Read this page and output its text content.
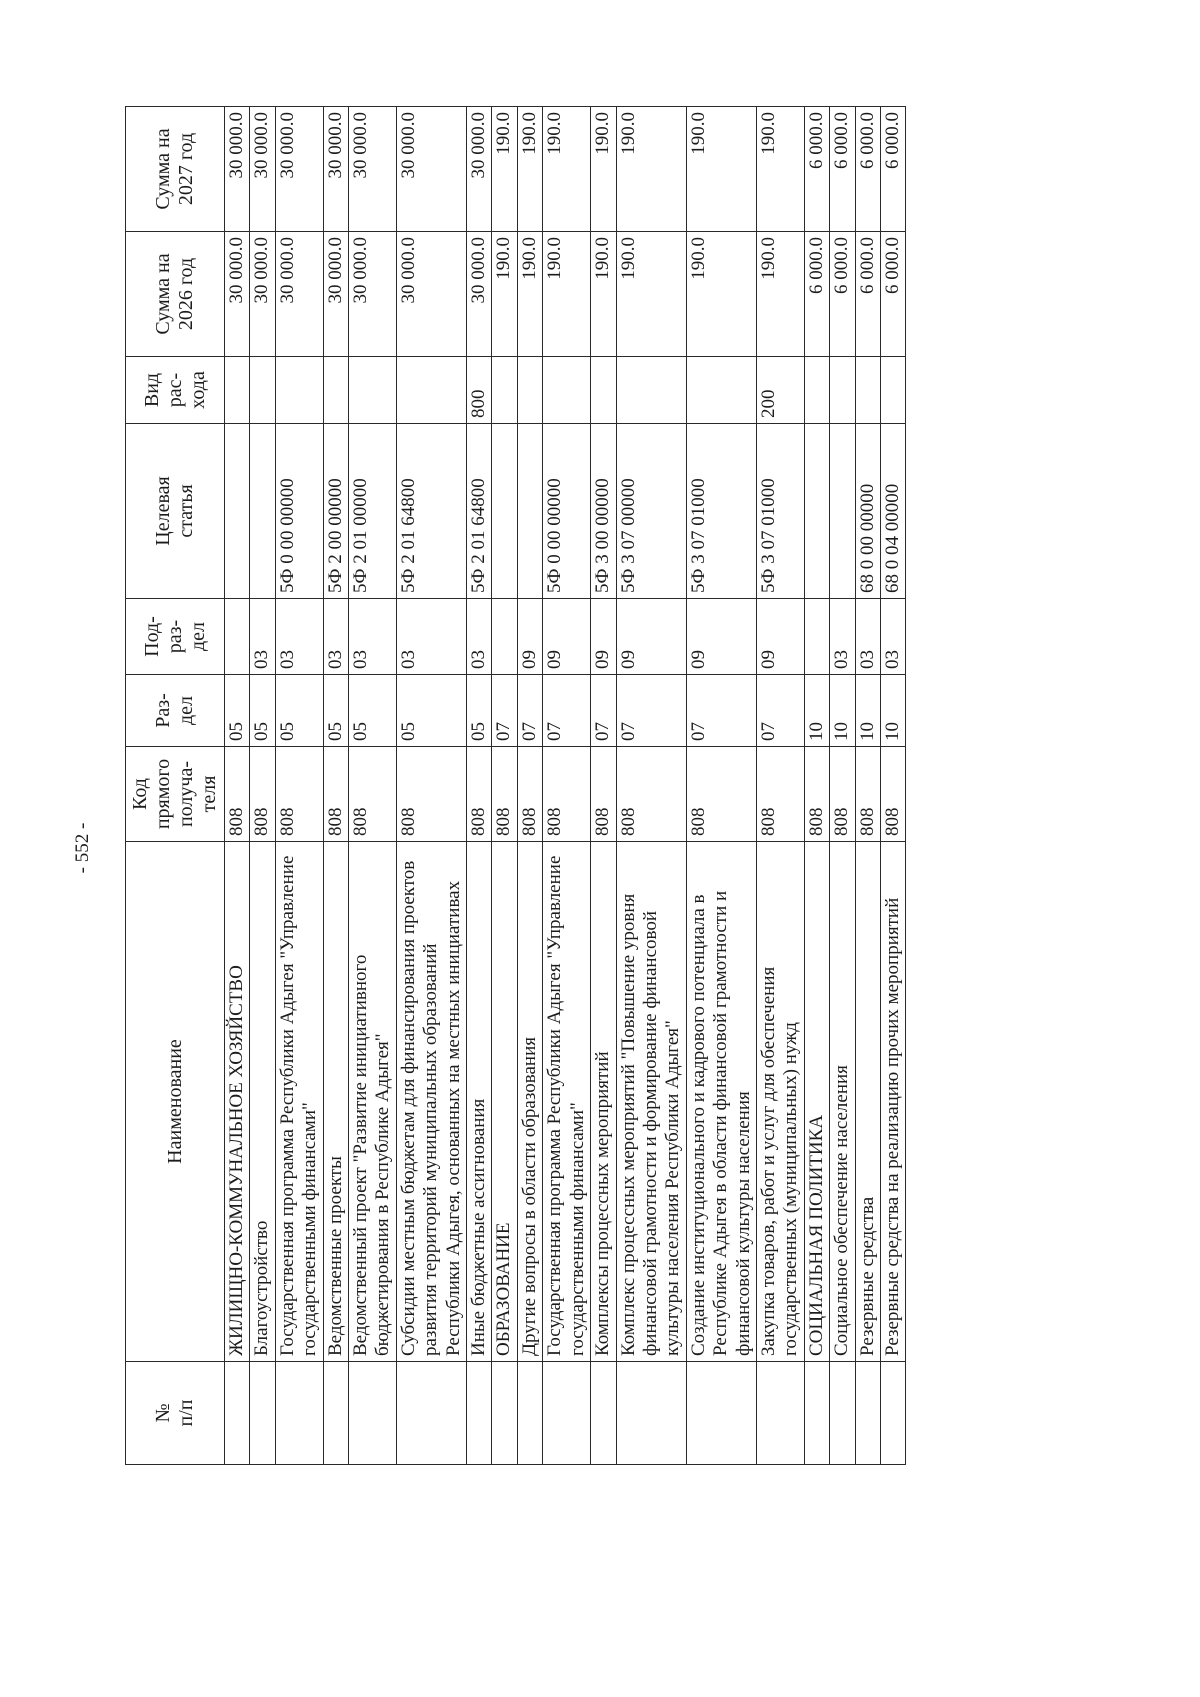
- 552 -
№
п/п	Наименование	Код
прямого
получа-
теля	Раз-
дел	Под-
раз-
дел	Целевая
статья	Вид
рас-
хода	Сумма на
2026 год	Сумма на
2027 год
	ЖИЛИЩНО-КОММУНАЛЬНОЕ ХОЗЯЙСТВО	808	05				30 000.0	30 000.0
	Благоустройство	808	05	03			30 000.0	30 000.0
	Государственная программа Республики Адыгея "Управление государственными финансами"	808	05	03	5Ф 0 00 00000		30 000.0	30 000.0
	Ведомственные проекты	808	05	03	5Ф 2 00 00000		30 000.0	30 000.0
	Ведомственный проект "Развитие инициативного бюджетирования в Республике Адыгея"	808	05	03	5Ф 2 01 00000		30 000.0	30 000.0
	Субсидии местным бюджетам для финансирования проектов развития территорий муниципальных образований Республики Адыгея, основанных на местных инициативах	808	05	03	5Ф 2 01 64800		30 000.0	30 000.0
	Иные бюджетные ассигнования	808	05	03	5Ф 2 01 64800	800	30 000.0	30 000.0
	ОБРАЗОВАНИЕ	808	07				190.0	190.0
	Другие вопросы в области образования	808	07	09			190.0	190.0
	Государственная программа Республики Адыгея "Управление государственными финансами"	808	07	09	5Ф 0 00 00000		190.0	190.0
	Комплексы процессных мероприятий	808	07	09	5Ф 3 00 00000		190.0	190.0
	Комплекс процессных мероприятий "Повышение уровня финансовой грамотности и формирование финансовой культуры населения Республики Адыгея"	808	07	09	5Ф 3 07 00000		190.0	190.0
	Создание институционального и кадрового потенциала в Республике Адыгея в области финансовой грамотности и финансовой культуры населения	808	07	09	5Ф 3 07 01000		190.0	190.0
	Закупка товаров, работ и услуг для обеспечения государственных (муниципальных) нужд	808	07	09	5Ф 3 07 01000	200	190.0	190.0
	СОЦИАЛЬНАЯ ПОЛИТИКА	808	10				6 000.0	6 000.0
	Социальное обеспечение населения	808	10	03			6 000.0	6 000.0
	Резервные средства	808	10	03	68 0 00 00000		6 000.0	6 000.0
	Резервные средства на реализацию прочих мероприятий	808	10	03	68 0 04 00000		6 000.0	6 000.0
